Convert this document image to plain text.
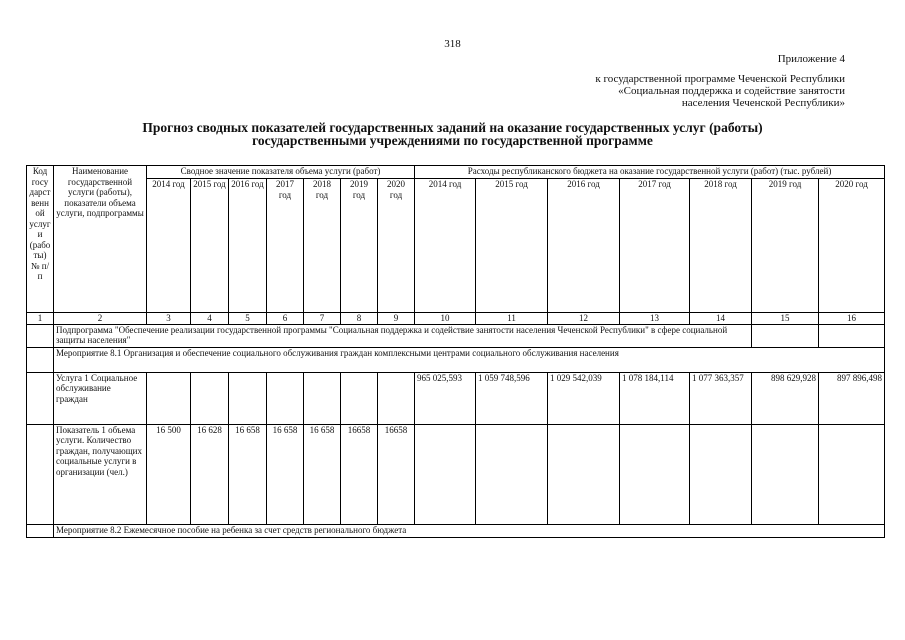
318
Приложение 4
к государственной программе Чеченской Республики
«Социальная поддержка и содействие занятости
населения Чеченской Республики»
Прогноз сводных показателей государственных заданий на оказание государственных услуг (работы)
государственными учреждениями по государственной программе
Код госу дарст венн ой услуг и (рабо ты) № п/п	Наименование государственной услуги (работы), показатели объема услуги, подпрограммы	Сводное значение показателя объема услуги (работ)							Расходы республиканского бюджета на оказание государственной услуги (работ) (тыс. рублей)						
		2014 год	2015 год	2016 год	2017 год	2018 год	2019 год	2020 год	2014 год	2015 год	2016 год	2017 год	2018 год	2019 год	2020 год
1	2	3	4	5	6	7	8	9	10	11	12	13	14	15	16
	Подпрограмма "Обеспечение реализации государственной программы "Социальная поддержка и содействие занятости населения Чеченской Республики" в сфере социальной защиты населения"														
	Мероприятие 8.1 Организация и обеспечение социального обслуживания граждан комплексными центрами социального обслуживания населения														
	Услуга 1 Социальное обслуживание граждан								965 025,593	1 059 748,596	1 029 542,039	1 078 184,114	1 077 363,357	898 629,928	897 896,498
	Показатель 1 объема услуги. Количество граждан, получающих социальные услуги в организации (чел.)	16 500	16 628	16 658	16 658	16 658	16658	16658							
	Мероприятие 8.2 Ежемесячное пособие на ребенка за счет средств регионального бюджета														
